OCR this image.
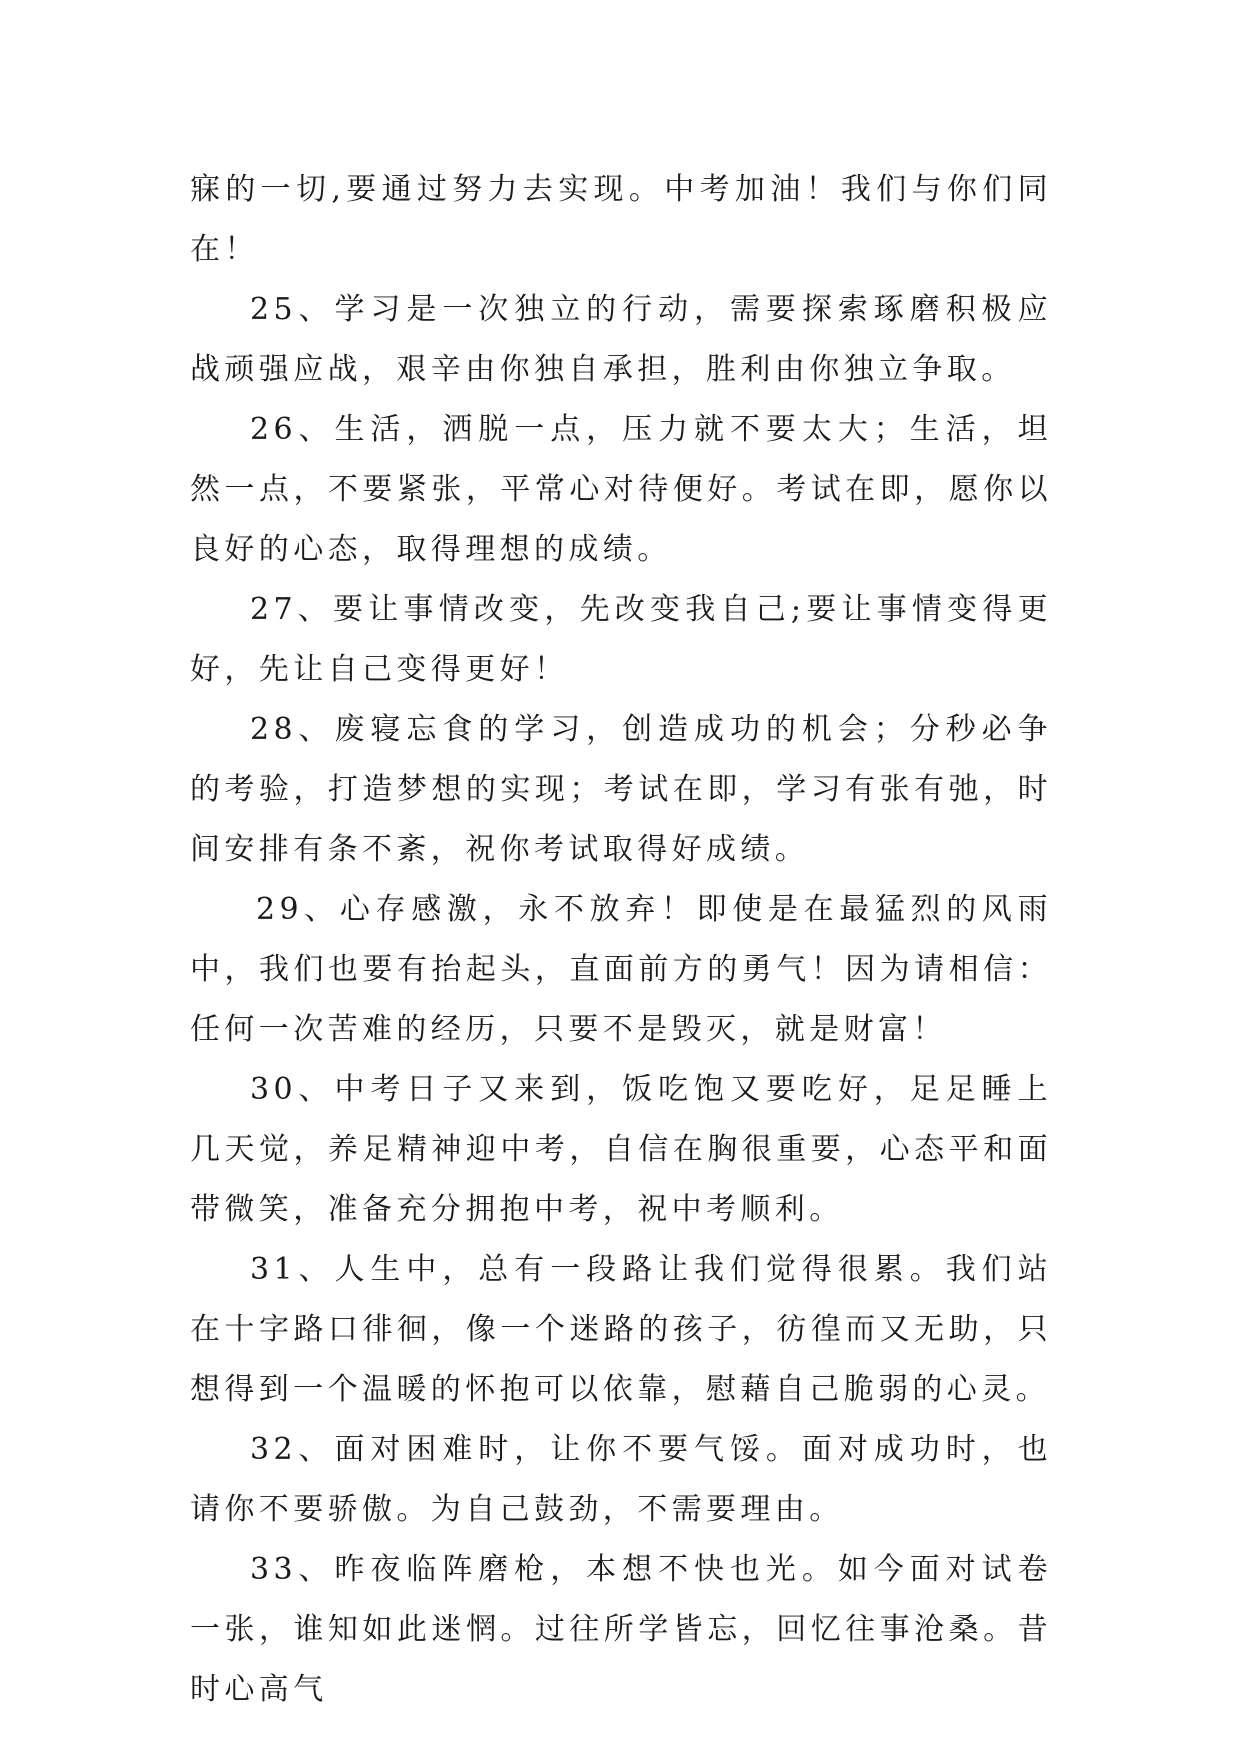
寐的一切,要通过努力去实现。中考加油！我们与你们同在！

25、学习是一次独立的行动，需要探索琢磨积极应战顽强应战，艰辛由你独自承担，胜利由你独立争取。

26、生活，洒脱一点，压力就不要太大；生活，坦然一点，不要紧张，平常心对待便好。考试在即，愿你以良好的心态，取得理想的成绩。

27、要让事情改变，先改变我自己;要让事情变得更好，先让自己变得更好！

28、废寝忘食的学习，创造成功的机会；分秒必争的考验，打造梦想的实现；考试在即，学习有张有弛，时间安排有条不紊，祝你考试取得好成绩。

29、心存感激，永不放弃！即使是在最猛烈的风雨中，我们也要有抬起头，直面前方的勇气！因为请相信：任何一次苦难的经历，只要不是毁灭，就是财富！

30、中考日子又来到，饭吃饱又要吃好，足足睡上几天觉，养足精神迎中考，自信在胸很重要，心态平和面带微笑，准备充分拥抱中考，祝中考顺利。

31、人生中，总有一段路让我们觉得很累。我们站在十字路口徘徊，像一个迷路的孩子，彷徨而又无助，只想得到一个温暖的怀抱可以依靠，慰藉自己脆弱的心灵。

32、面对困难时，让你不要气馁。面对成功时，也请你不要骄傲。为自己鼓劲，不需要理由。

33、昨夜临阵磨枪，本想不快也光。如今面对试卷一张，谁知如此迷惘。过往所学皆忘，回忆往事沧桑。昔时心高气
